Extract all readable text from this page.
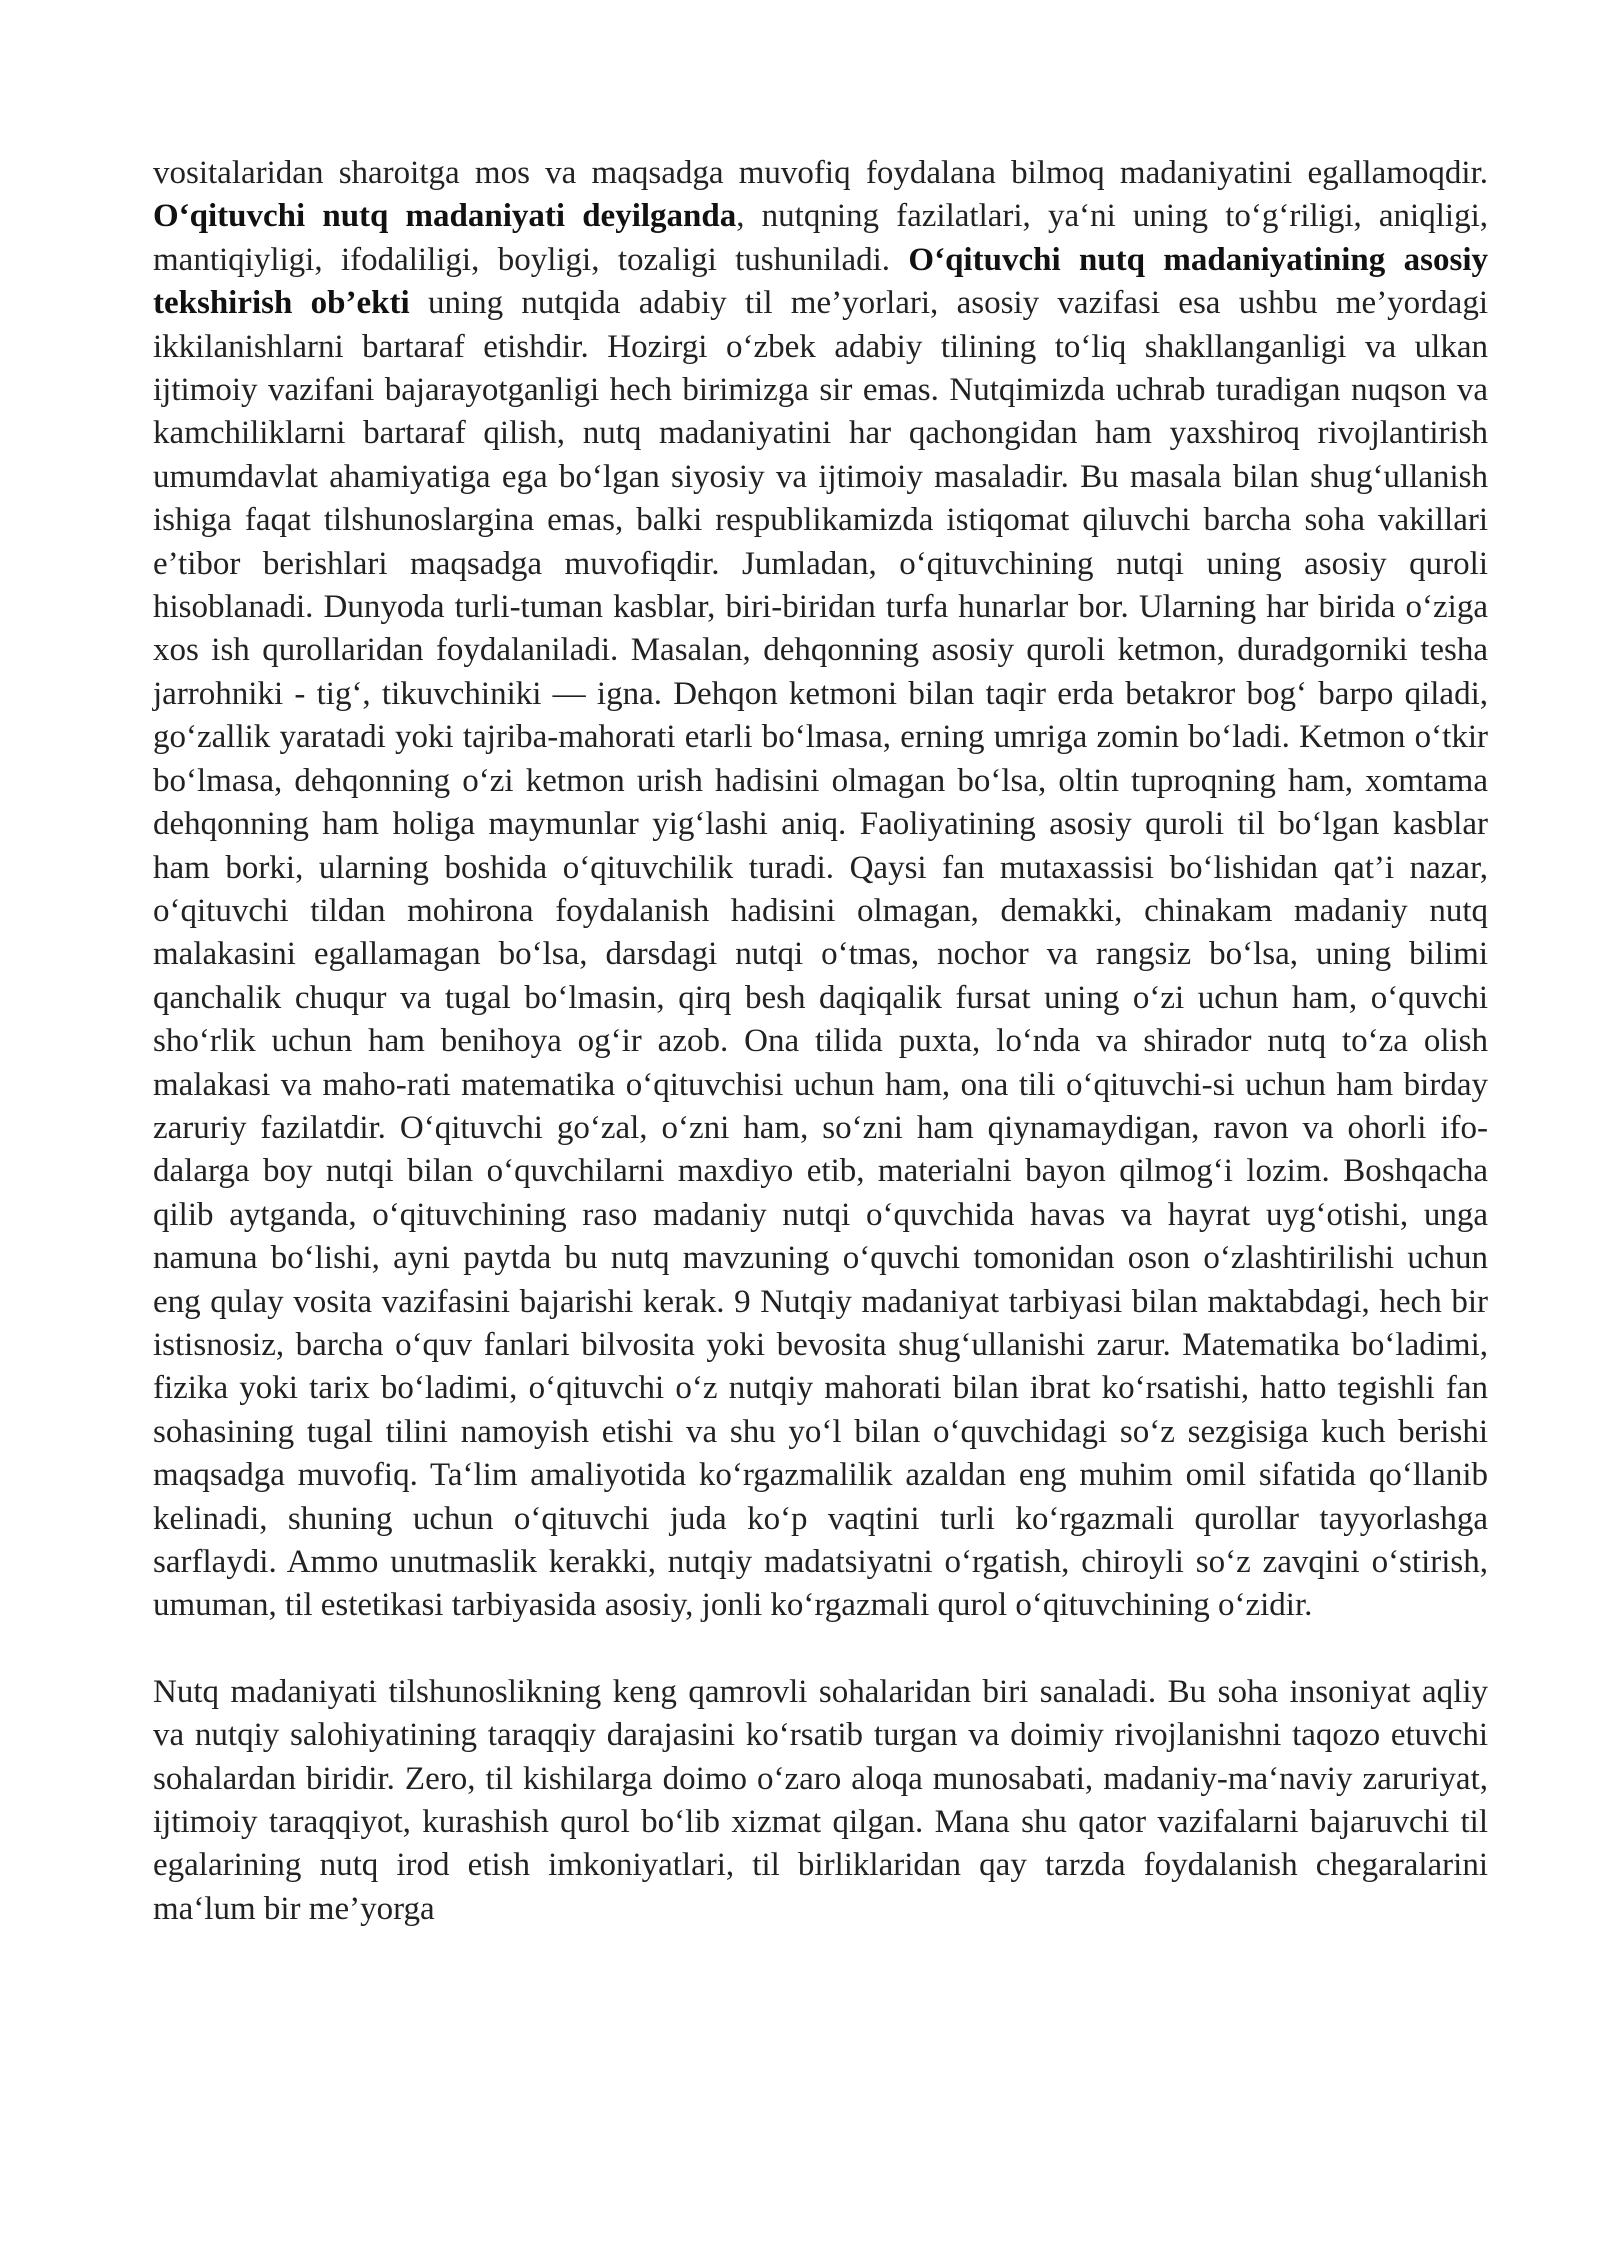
vositalaridan sharoitga mos va maqsadga muvofiq foydalana bilmoq madaniyatini egallamoqdir. O‘qituvchi nutq madaniyati deyilganda, nutqning fazilatlari, ya‘ni uning to‘g‘riligi, aniqligi, mantiqiyligi, ifodaliligi, boyligi, tozaligi tushuniladi. O‘qituvchi nutq madaniyatining asosiy tekshirish ob’ekti uning nutqida adabiy til me’yorlari, asosiy vazifasi esa ushbu me’yordagi ikkilanishlarni bartaraf etishdir. Hozirgi o‘zbek adabiy tilining to‘liq shakllanganligi va ulkan ijtimoiy vazifani bajarayotganligi hech birimizga sir emas. Nutqimizda uchrab turadigan nuqson va kamchiliklarni bartaraf qilish, nutq madaniyatini har qachongidan ham yaxshiroq rivojlantirish umumdavlat ahamiyatiga ega bo‘lgan siyosiy va ijtimoiy masaladir. Bu masala bilan shug‘ullanish ishiga faqat tilshunoslargina emas, balki respublikamizda istiqomat qiluvchi barcha soha vakillari e’tibor berishlari maqsadga muvofiqdir. Jumladan, o‘qituvchining nutqi uning asosiy quroli hisoblanadi. Dunyoda turli-tuman kasblar, biri-biridan turfa hunarlar bor. Ularning har birida o‘ziga xos ish qurollaridan foydalaniladi. Masalan, dehqonning asosiy quroli ketmon, duradgorniki tesha jarrohniki - tig‘, tikuvchiniki — igna. Dehqon ketmoni bilan taqir erda betakror bog‘ barpo qiladi, go‘zallik yaratadi yoki tajriba-mahorati etarli bo‘lmasa, erning umriga zomin bo‘ladi. Ketmon o‘tkir bo‘lmasa, dehqonning o‘zi ketmon urish hadisini olmagan bo‘lsa, oltin tuproqning ham, xomtama dehqonning ham holiga maymunlar yig‘lashi aniq. Faoliyatining asosiy quroli til bo‘lgan kasblar ham borki, ularning boshida o‘qituvchilik turadi. Qaysi fan mutaxassisi bo‘lishidan qat’i nazar, o‘qituvchi tildan mohirona foydalanish hadisini olmagan, demakki, chinakam madaniy nutq malakasini egallamagan bo‘lsa, darsdagi nutqi o‘tmas, nochor va rangsiz bo‘lsa, uning bilimi qanchalik chuqur va tugal bo‘lmasin, qirq besh daqiqalik fursat uning o‘zi uchun ham, o‘quvchi sho‘rlik uchun ham benihoya og‘ir azob. Ona tilida puxta, lo‘nda va shirador nutq to‘za olish malakasi va maho-rati matematika o‘qituvchisi uchun ham, ona tili o‘qituvchi-si uchun ham birday zaruriy fazilatdir. O‘qituvchi go‘zal, o‘zni ham, so‘zni ham qiynamaydigan, ravon va ohorli ifo-dalarga boy nutqi bilan o‘quvchilarni maxdiyo etib, materialni bayon qilmog‘i lozim. Boshqacha qilib aytganda, o‘qituvchining raso madaniy nutqi o‘quvchida havas va hayrat uyg‘otishi, unga namuna bo‘lishi, ayni paytda bu nutq mavzuning o‘quvchi tomonidan oson o‘zlashtirilishi uchun eng qulay vosita vazifasini bajarishi kerak. 9 Nutqiy madaniyat tarbiyasi bilan maktabdagi, hech bir istisnosiz, barcha o‘quv fanlari bilvosita yoki bevosita shug‘ullanishi zarur. Matematika bo‘ladimi, fizika yoki tarix bo‘ladimi, o‘qituvchi o‘z nutqiy mahorati bilan ibrat ko‘rsatishi, hatto tegishli fan sohasining tugal tilini namoyish etishi va shu yo‘l bilan o‘quvchidagi so‘z sezgisiga kuch berishi maqsadga muvofiq. Ta‘lim amaliyotida ko‘rgazmalilik azaldan eng muhim omil sifatida qo‘llanib kelinadi, shuning uchun o‘qituvchi juda ko‘p vaqtini turli ko‘rgazmali qurollar tayyorlashga sarflaydi. Ammo unutmaslik kerakki, nutqiy madatsiyatni o‘rgatish, chiroyli so‘z zavqini o‘stirish, umuman, til estetikasi tarbiyasida asosiy, jonli ko‘rgazmali qurol o‘qituvchining o‘zidir.

Nutq madaniyati tilshunoslikning keng qamrovli sohalaridan biri sanaladi. Bu soha insoniyat aqliy va nutqiy salohiyatining taraqqiy darajasini ko‘rsatib turgan va doimiy rivojlanishni taqozo etuvchi sohalardan biridir. Zero, til kishilarga doimo o‘zaro aloqa munosabati, madaniy-ma‘naviy zaruriyat, ijtimoiy taraqqiyot, kurashish qurol bo‘lib xizmat qilgan. Mana shu qator vazifalarni bajaruvchi til egalarining nutq irod etish imkoniyatlari, til birliklaridan qay tarzda foydalanish chegaralarini ma‘lum bir me’yorga
